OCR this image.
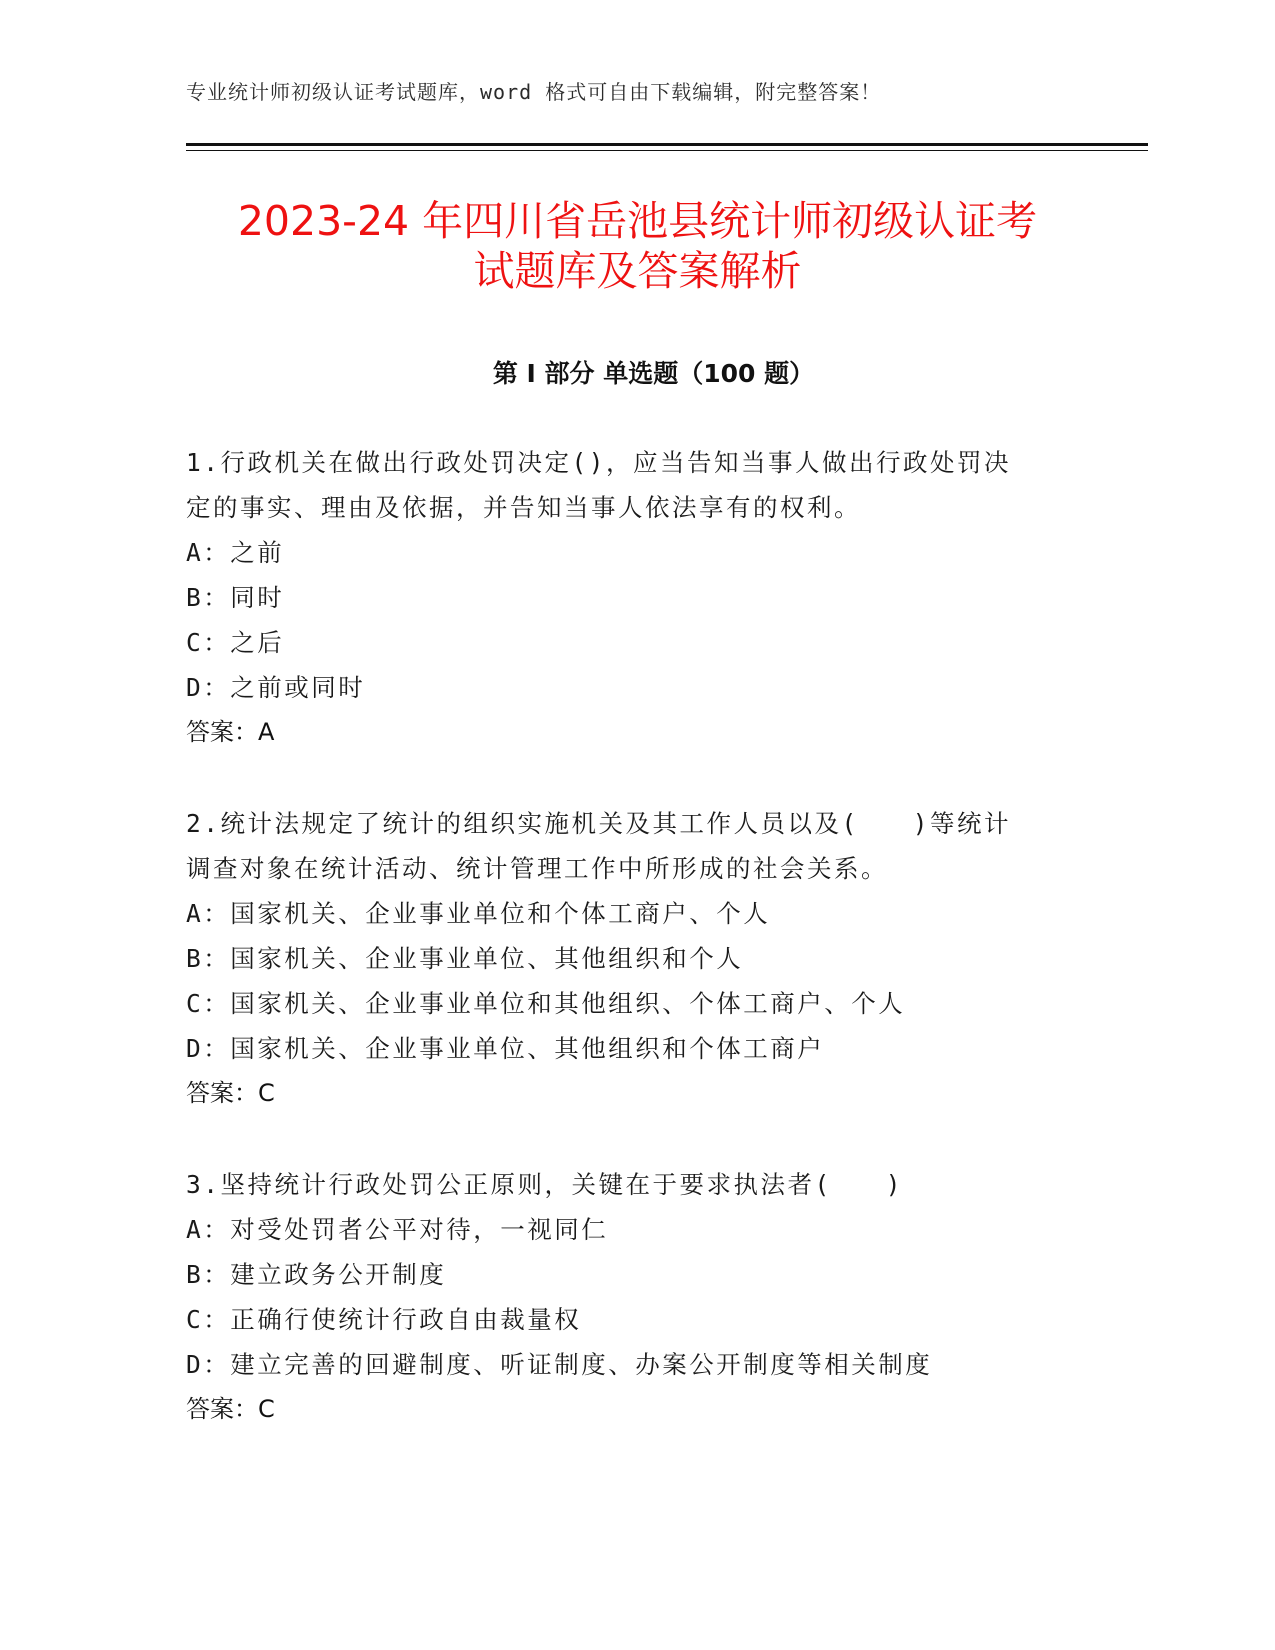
专业统计师初级认证考试题库，word 格式可自由下载编辑，附完整答案！
2023-24 年四川省岳池县统计师初级认证考
试题库及答案解析
第 I 部分 单选题（100 题）
1.行政机关在做出行政处罚决定()，应当告知当事人做出行政处罚决
定的事实、理由及依据，并告知当事人依法享有的权利。
A：之前
B：同时
C：之后
D：之前或同时
答案：A
2.统计法规定了统计的组织实施机关及其工作人员以及(　　)等统计
调查对象在统计活动、统计管理工作中所形成的社会关系。
A：国家机关、企业事业单位和个体工商户、个人
B：国家机关、企业事业单位、其他组织和个人
C：国家机关、企业事业单位和其他组织、个体工商户、个人
D：国家机关、企业事业单位、其他组织和个体工商户
答案：C
3.坚持统计行政处罚公正原则，关键在于要求执法者(　　)
A：对受处罚者公平对待，一视同仁
B：建立政务公开制度
C：正确行使统计行政自由裁量权
D：建立完善的回避制度、听证制度、办案公开制度等相关制度
答案：C
